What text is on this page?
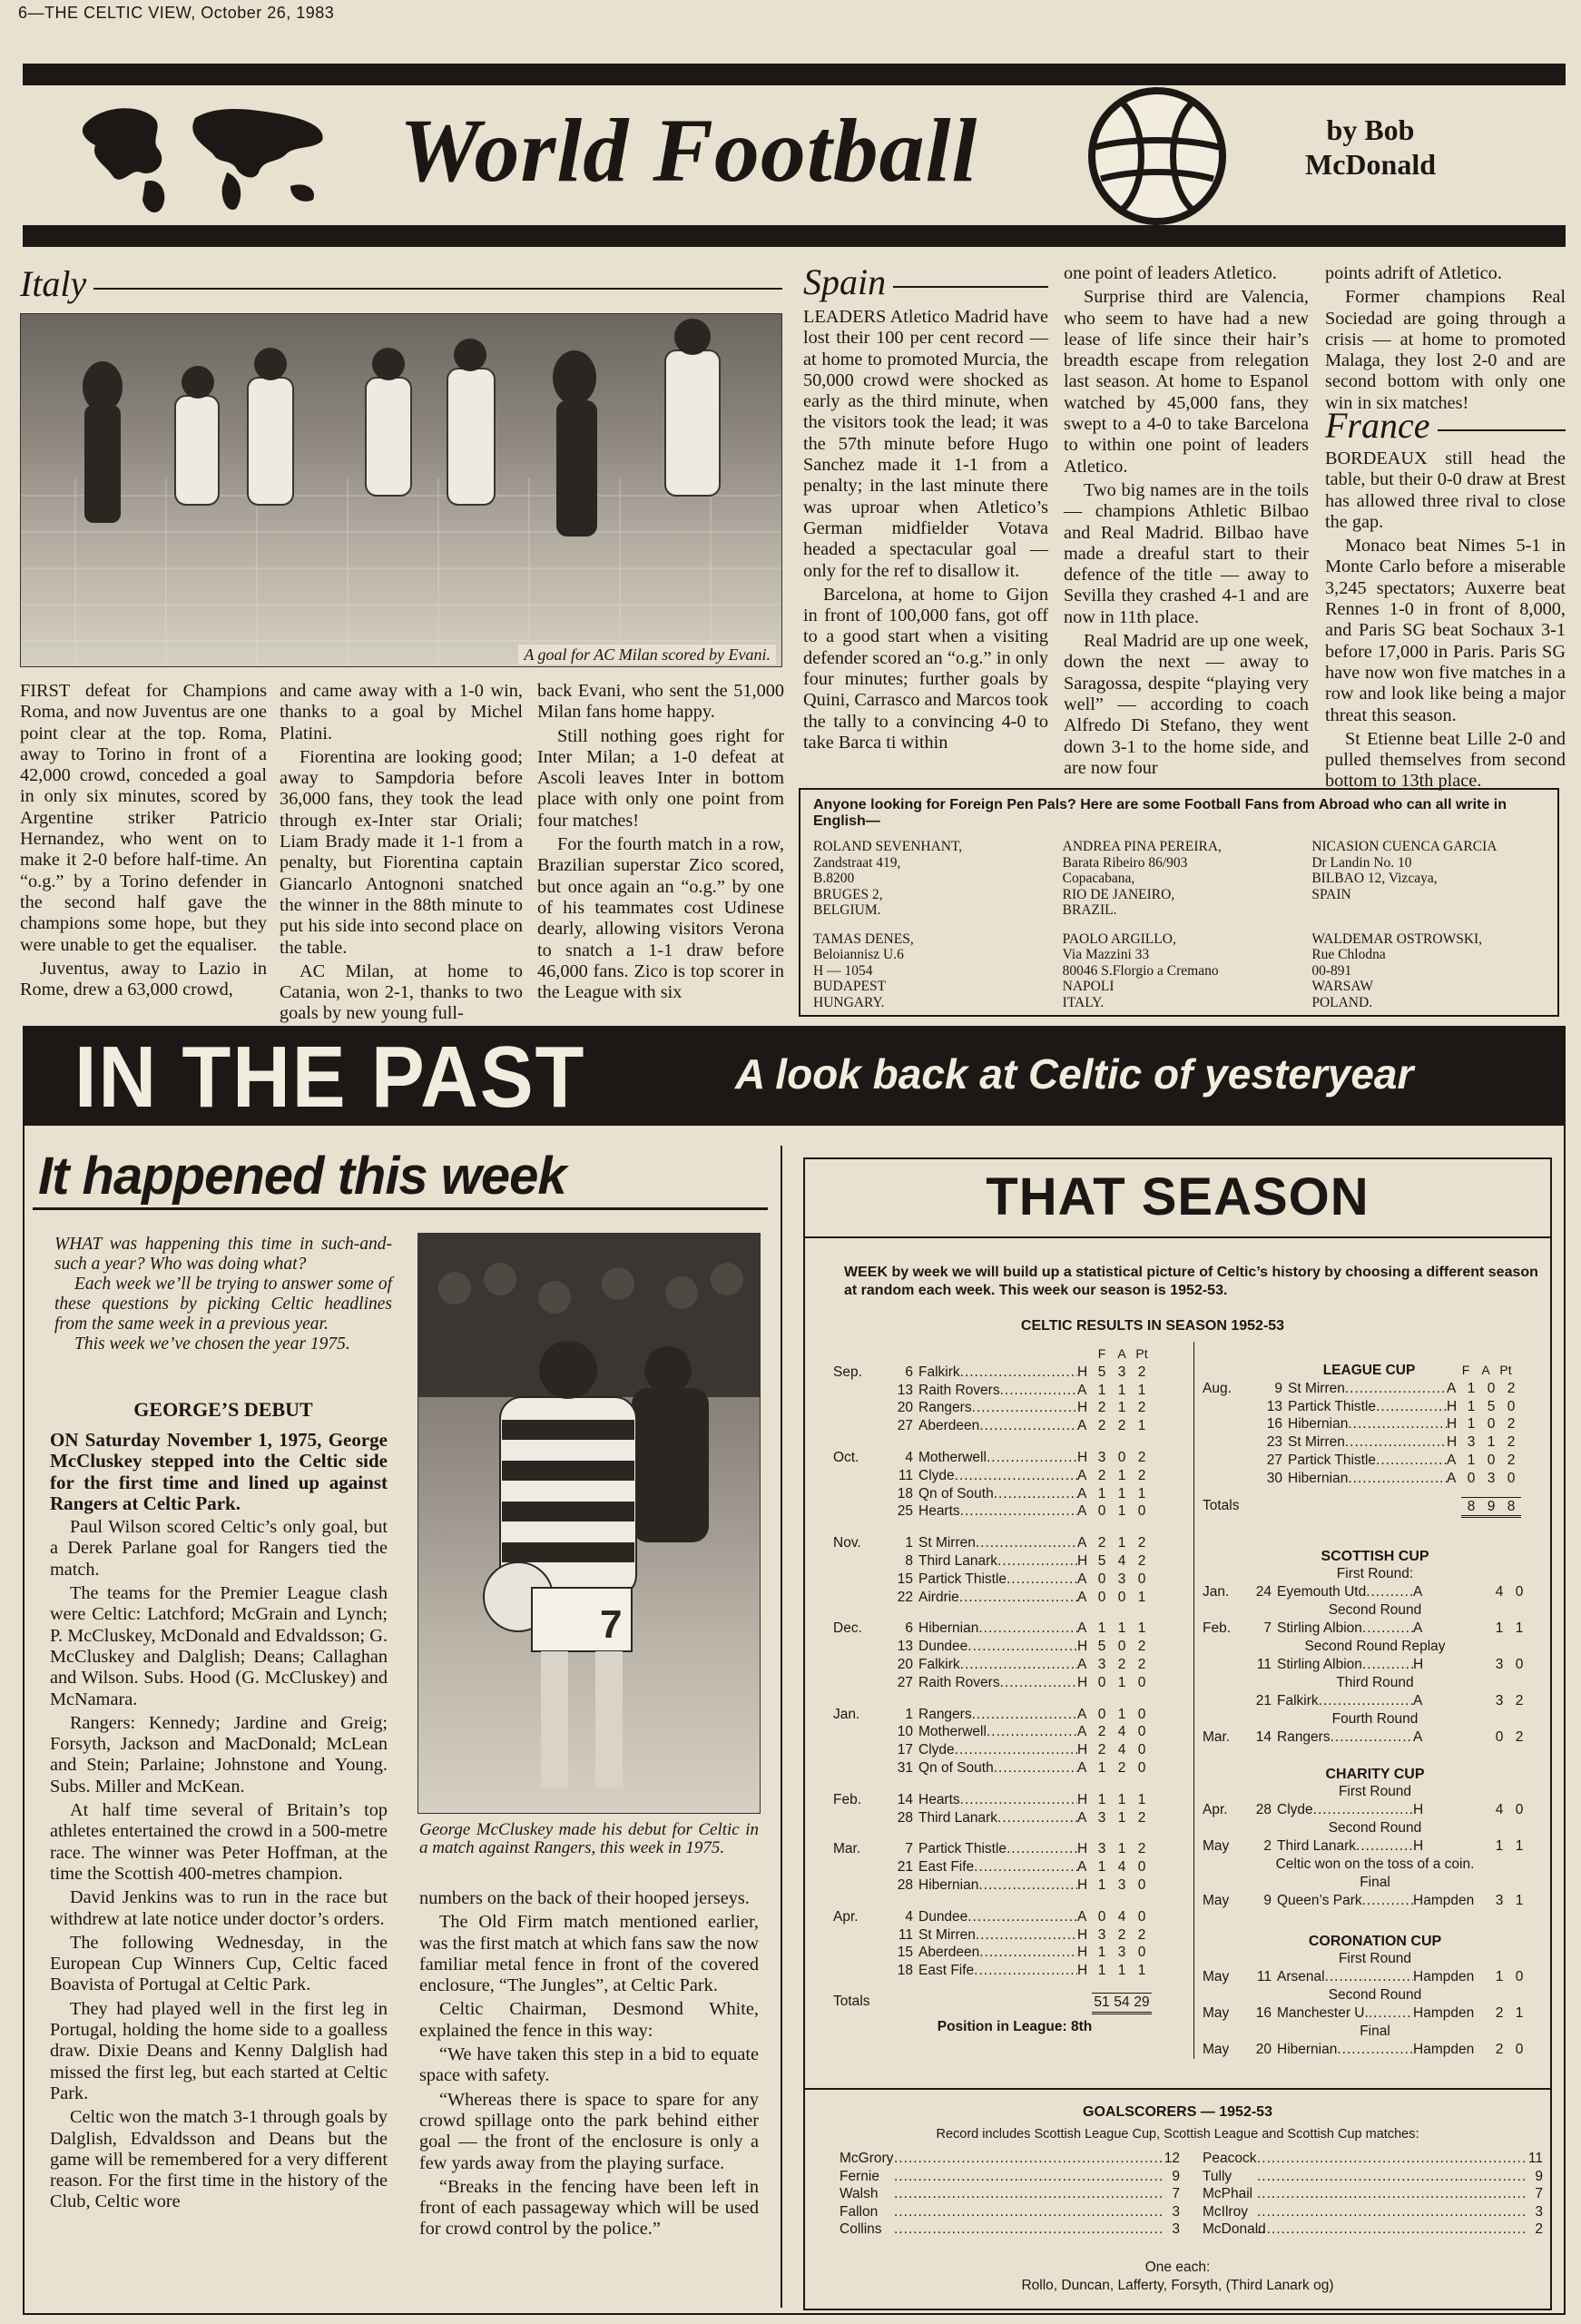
6—THE CELTIC VIEW, October 26, 1983
World Football	by Bob
McDonald
Italy
A goal for AC Milan scored by Evani.

FIRST defeat for Champions Roma, and now Juventus are one point clear at the top. Roma, away to Torino in front of a 42,000 crowd, conceded a goal in only six minutes, scored by Argentine striker Patricio Hernandez, who went on to make it 2-0 before half-time. An “o.g.” by a Torino defender in the second half gave the champions some hope, but they were unable to get the equaliser.

Juventus, away to Lazio in Rome, drew a 63,000 crowd,

and came away with a 1-0 win, thanks to a goal by Michel Platini.

Fiorentina are looking good; away to Sampdoria before 36,000 fans, they took the lead through ex-Inter star Oriali; Liam Brady made it 1-1 from a penalty, but Fiorentina captain Giancarlo Antognoni snatched the winner in the 88th minute to put his side into second place on the table.

AC Milan, at home to Catania, won 2-1, thanks to two goals by new young full-

back Evani, who sent the 51,000 Milan fans home happy.

Still nothing goes right for Inter Milan; a 1-0 defeat at Ascoli leaves Inter in bottom place with only one point from four matches!

For the fourth match in a row, Brazilian superstar Zico scored, but once again an “o.g.” by one of his teammates cost Udinese dearly, allowing visitors Verona to snatch a 1-1 draw before 46,000 fans. Zico is top scorer in the League with six

Spain

LEADERS Atletico Madrid have lost their 100 per cent record — at home to promoted Murcia, the 50,000 crowd were shocked as early as the third minute, when the visitors took the lead; it was the 57th minute before Hugo Sanchez made it 1-1 from a penalty; in the last minute there was uproar when Atletico’s German midfielder Votava headed a spectacular goal — only for the ref to disallow it.

Barcelona, at home to Gijon in front of 100,000 fans, got off to a good start when a visiting defender scored an “o.g.” in only four minutes; further goals by Quini, Carrasco and Marcos took the tally to a convincing 4-0 to take Barca ti within

one point of leaders Atletico.

Surprise third are Valencia, who seem to have had a new lease of life since their hair’s breadth escape from relegation last season. At home to Espanol watched by 45,000 fans, they swept to a 4-0 to take Barcelona to within one point of leaders Atletico.

Two big names are in the toils — champions Athletic Bilbao and Real Madrid. Bilbao have made a dreaful start to their defence of the title — away to Sevilla they crashed 4-1 and are now in 11th place.

Real Madrid are up one week, down the next — away to Saragossa, despite “playing very well” — according to coach Alfredo Di Stefano, they went down 3-1 to the home side, and are now four

points adrift of Atletico.

Former champions Real Sociedad are going through a crisis — at home to promoted Malaga, they lost 2-0 and are second bottom with only one win in six matches!

France

BORDEAUX still head the table, but their 0-0 draw at Brest has allowed three rival to close the gap.

Monaco beat Nimes 5-1 in Monte Carlo before a miserable 3,245 spectators; Auxerre beat Rennes 1-0 in front of 8,000, and Paris SG beat Sochaux 3-1 before 17,000 in Paris. Paris SG have now won five matches in a row and look like being a major threat this season.

St Etienne beat Lille 2-0 and pulled themselves from second bottom to 13th place.

Anyone looking for Foreign Pen Pals? Here are some Football Fans from Abroad who can all write in English—
ROLAND SEVENHANT,
Zandstraat 419,
B.8200
BRUGES 2,
BELGIUM.
ANDREA PINA PEREIRA,
Barata Ribeiro 86/903
Copacabana,
RIO DE JANEIRO,
BRAZIL.
NICASION CUENCA GARCIA
Dr Landin No. 10
BILBAO 12, Vizcaya,
SPAIN
TAMAS DENES,
Beloiannisz U.6
H — 1054
BUDAPEST
HUNGARY.
PAOLO ARGILLO,
Via Mazzini 33
80046 S.Florgio a Cremano
NAPOLI
ITALY.
WALDEMAR OSTROWSKI,
Rue Chlodna
00-891
WARSAW
POLAND.
IN THE PAST	A look back at Celtic of yesteryear
It happened this week

WHAT was happening this time in such-and-such a year? Who was doing what?

Each week we’ll be trying to answer some of these questions by picking Celtic headlines from the same week in a previous year.

This week we’ve chosen the year 1975.

GEORGE’S DEBUT

ON Saturday November 1, 1975, George McCluskey stepped into the Celtic side for the first time and lined up against Rangers at Celtic Park.

Paul Wilson scored Celtic’s only goal, but a Derek Parlane goal for Rangers tied the match.

The teams for the Premier League clash were Celtic: Latchford; McGrain and Lynch; P. McCluskey, McDonald and Edvaldsson; G. McCluskey and Dalglish; Deans; Callaghan and Wilson. Subs. Hood (G. McCluskey) and McNamara.

Rangers: Kennedy; Jardine and Greig; Forsyth, Jackson and MacDonald; McLean and Stein; Parlaine; Johnstone and Young. Subs. Miller and McKean.

At half time several of Britain’s top athletes entertained the crowd in a 500-metre race. The winner was Peter Hoffman, at the time the Scottish 400-metres champion.

David Jenkins was to run in the race but withdrew at late notice under doctor’s orders.

The following Wednesday, in the European Cup Winners Cup, Celtic faced Boavista of Portugal at Celtic Park.

They had played well in the first leg in Portugal, holding the home side to a goalless draw. Dixie Deans and Kenny Dalglish had missed the first leg, but each started at Celtic Park.

Celtic won the match 3-1 through goals by Dalglish, Edvaldsson and Deans but the game will be remembered for a very different reason. For the first time in the history of the Club, Celtic wore

7
George McCluskey made his debut for Celtic in a match against Rangers, this week in 1975.

numbers on the back of their hooped jerseys.

The Old Firm match mentioned earlier, was the first match at which fans saw the now familiar metal fence in front of the covered enclosure, “The Jungles”, at Celtic Park.

Celtic Chairman, Desmond White, explained the fence in this way:

“We have taken this step in a bid to equate space with safety.

“Whereas there is space to spare for any crowd spillage onto the park behind either goal — the front of the enclosure is only a few yards away from the playing surface.

“Breaks in the fencing have been left in front of each passageway which will be used for crowd control by the police.”

THAT SEASON
WEEK by week we will build up a statistical picture of Celtic’s history by choosing a different season at random each week. This week our season is 1952-53.
CELTIC RESULTS IN SEASON 1952-53
F A Pt
Sep.	6 Falkirk .....	H 5 3 2
13 Raith Rovers .....	A 1 1 1
20 Rangers .....	H 2 1 2
27 Aberdeen .....	A 2 2 1
Oct.	4 Motherwell .....	H 3 0 2
11 Clyde .....	A 2 1 2
18 Qn of South .....	A 1 1 1
25 Hearts .....	A 0 1 0
Nov.	1 St Mirren .....	A 2 1 2
8 Third Lanark .....	H 5 4 2
15 Partick Thistle .....	A 0 3 0
22 Airdrie .....	A 0 0 1
Dec.	6 Hibernian .....	A 1 1 1
13 Dundee .....	H 5 0 2
20 Falkirk .....	A 3 2 2
27 Raith Rovers .....	H 0 1 0
Jan.	1 Rangers .....	A 0 1 0
10 Motherwell .....	A 2 4 0
17 Clyde .....	H 2 4 0
31 Qn of South .....	A 1 2 0
Feb.	14 Hearts .....	H 1 1 1
28 Third Lanark .....	A 3 1 2
Mar.	7 Partick Thistle .....	H 3 1 2
21 East Fife .....	A 1 4 0
28 Hibernian .....	H 1 3 0
Apr.	4 Dundee .....	A 0 4 0
11 St Mirren .....	H 3 2 2
15 Aberdeen .....	H 1 3 0
18 East Fife .....	H 1 1 1
Totals	51 54 29
Position in League: 8th
LEAGUE CUP	F A Pt
Aug.	9 St Mirren .....	A 1 0 2
13 Partick Thistle .....	H 1 5 0
16 Hibernian .....	H 1 0 2
23 St Mirren .....	H 3 1 2
27 Partick Thistle .....	A 1 0 2
30 Hibernian .....	A 0 3 0
Totals	8 9 8
SCOTTISH CUP
First Round:
Jan.	24 Eyemouth Utd .....	A	4 0
Second Round
Feb.	7 Stirling Albion .....	A	1 1
Second Round Replay
11 Stirling Albion .....	H	3 0
Third Round
21 Falkirk .....	A	3 2
Fourth Round
Mar.	14 Rangers .....	A	0 2
CHARITY CUP
First Round
Apr.	28 Clyde .....	H	4 0
Second Round
May	2 Third Lanark .....	H	1 1
Celtic won on the toss of a coin.
Final
May	9 Queen’s Park .....	Hampden	3 1
CORONATION CUP
First Round
May	11 Arsenal .....	Hampden	1 0
Second Round
May	16 Manchester U. .....	Hampden	2 1
Final
May	20 Hibernian .....	Hampden	2 0
GOALSCORERS — 1952-53
Record includes Scottish League Cup, Scottish League and Scottish Cup matches:
McGrory .....	12
Fernie .....	9
Walsh .....	7
Fallon .....	3
Collins .....	3
Peacock .....	11
Tully .....	9
McPhail .....	7
McIlroy .....	3
McDonald .....	2
One each:
Rollo, Duncan, Lafferty, Forsyth, (Third Lanark og)
